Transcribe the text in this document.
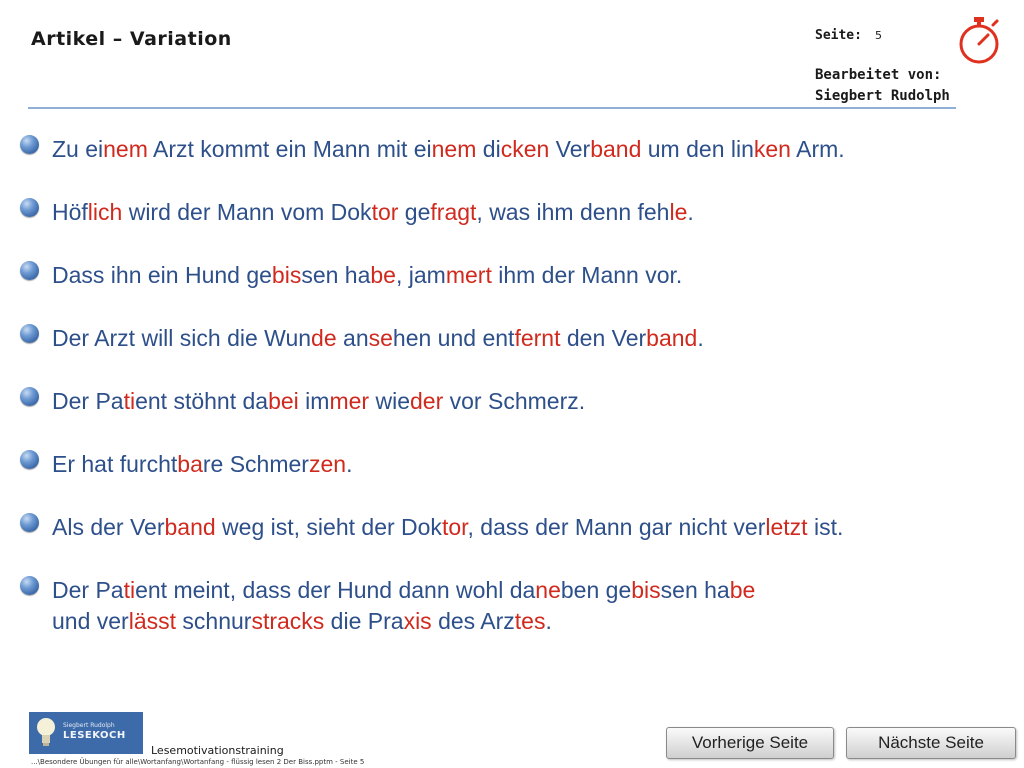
Artikel – Variation	Seite: 5
Bearbeitet von:
Siegbert Rudolph
Zu einem Arzt kommt ein Mann mit einem dicken Verband um den linken Arm.
Höflich wird der Mann vom Doktor gefragt, was ihm denn fehle.
Dass ihn ein Hund gebissen habe, jammert ihm der Mann vor.
Der Arzt will sich die Wunde ansehen und entfernt den Verband.
Der Patient stöhnt dabei immer wieder vor Schmerz.
Er hat furchtbare Schmerzen.
Als der Verband weg ist, sieht der Doktor, dass der Mann gar nicht verletzt ist.
Der Patient meint, dass der Hund dann wohl daneben gebissen habe
und verlässt schnurstracks die Praxis des Arztes.
Siegbert Rudolph
LESEKOCH
Lesemotivationstraining
...\Besondere Übungen für alle\Wortanfang\Wortanfang - flüssig lesen 2 Der Biss.pptm - Seite 5
Vorherige Seite	Nächste Seite
